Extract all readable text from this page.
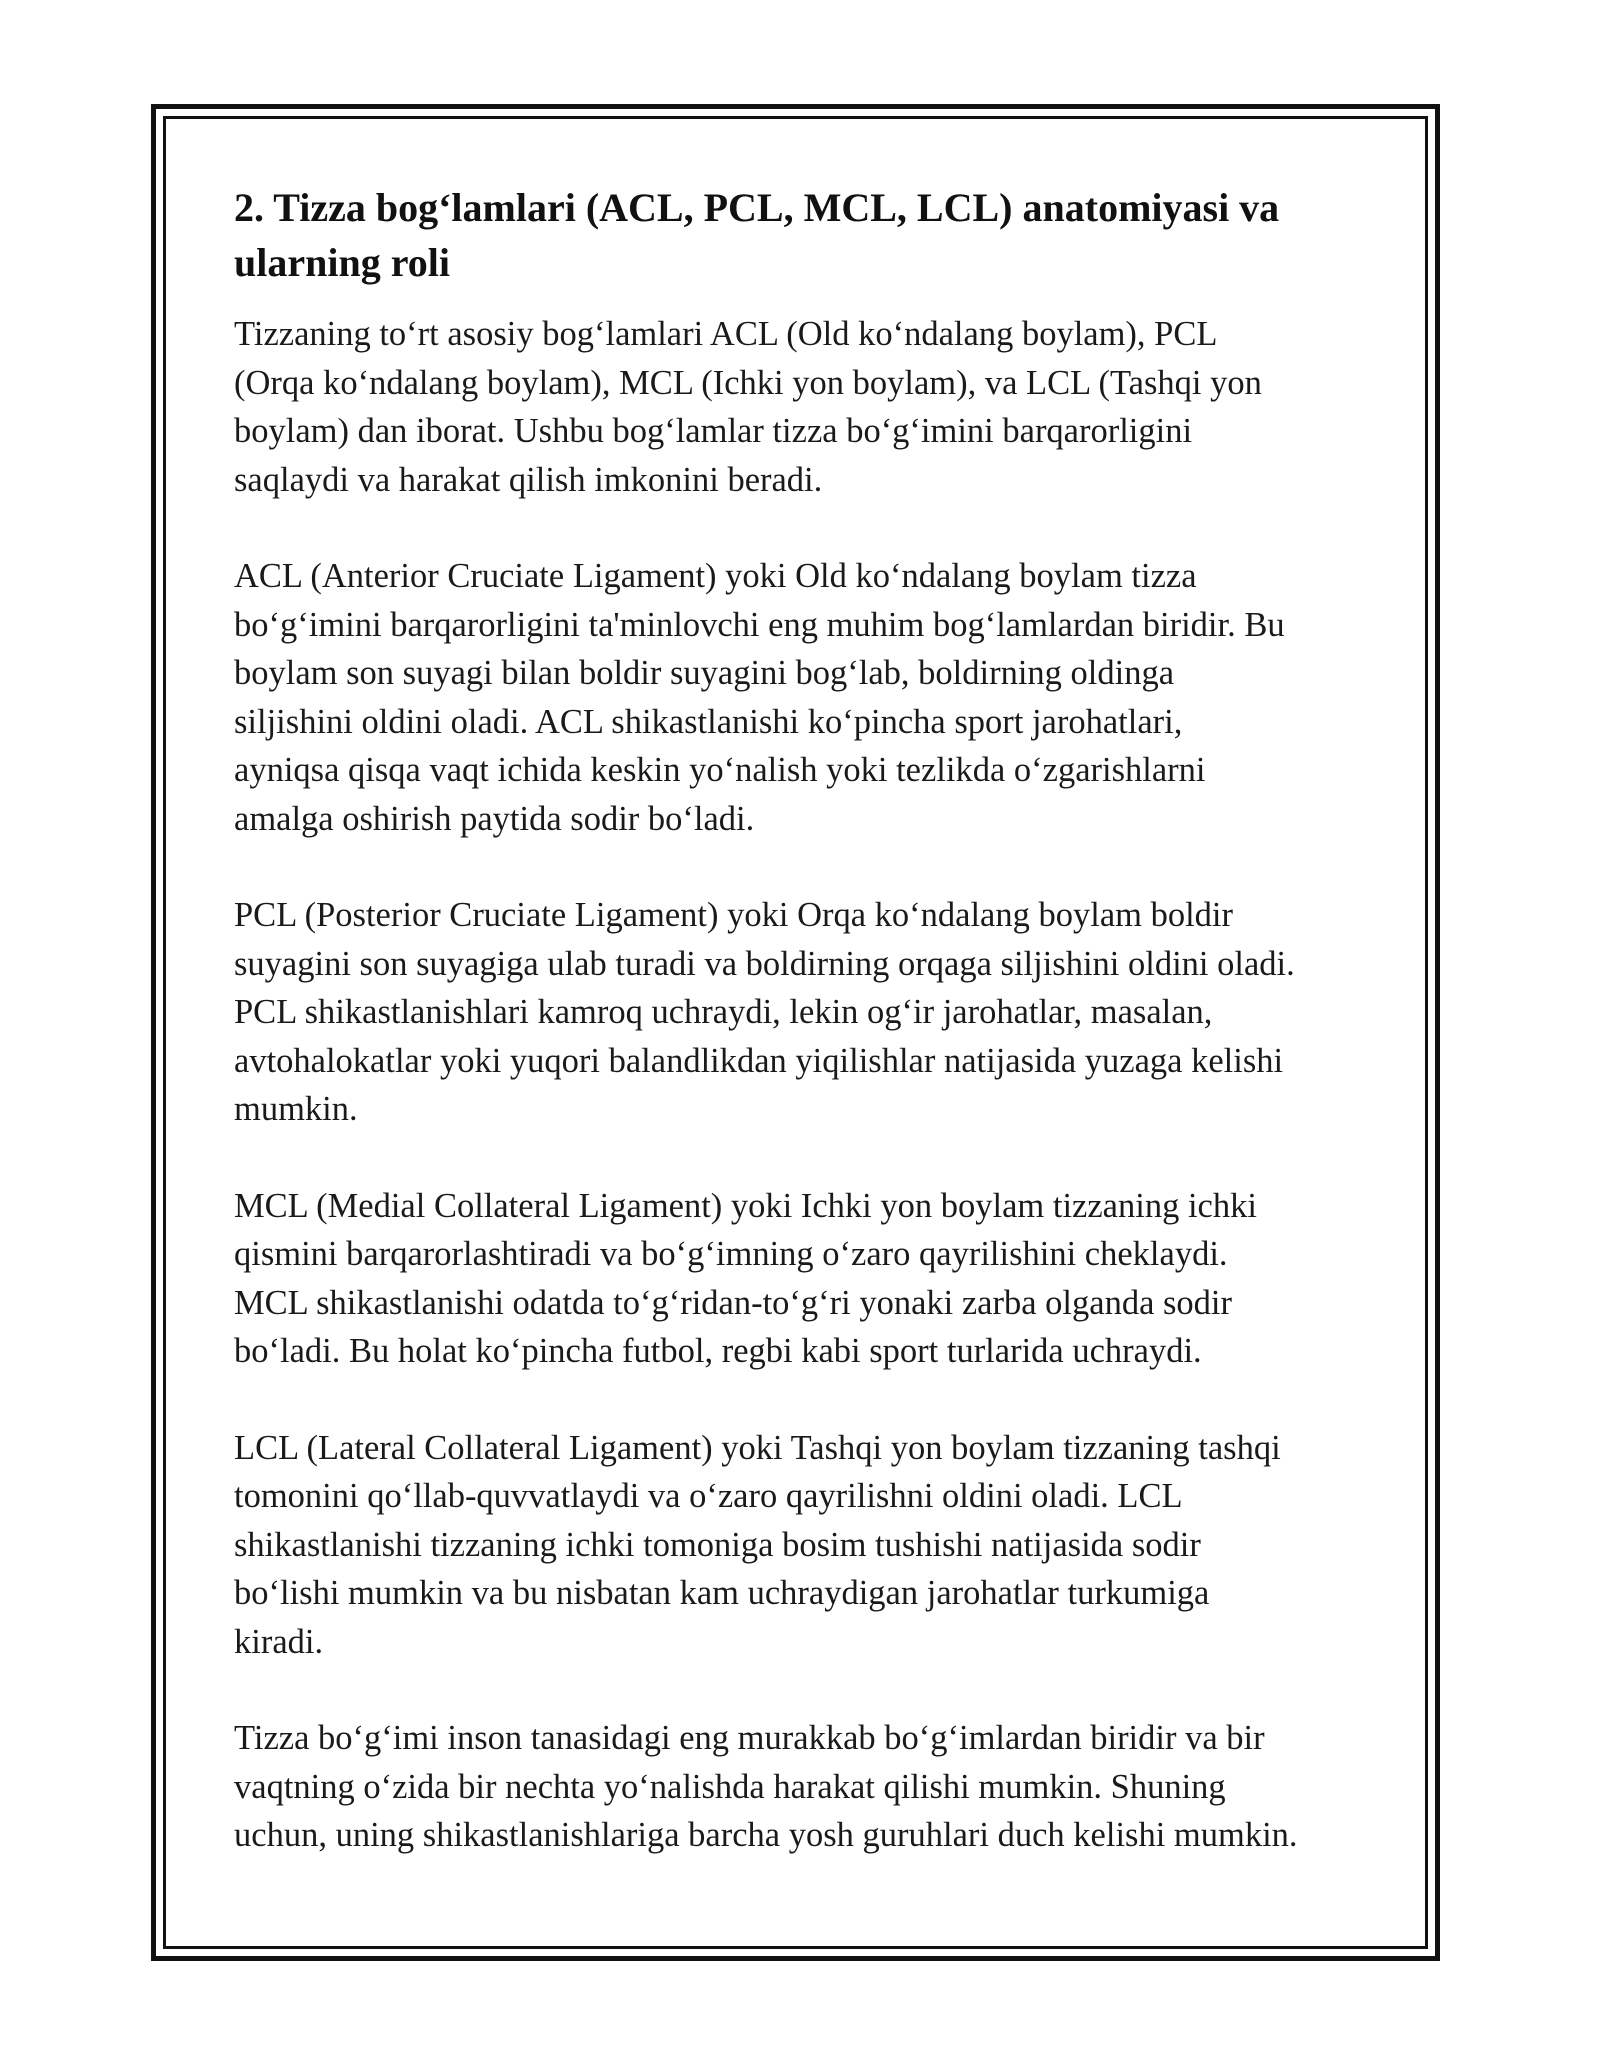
2. Tizza bog‘lamlari (ACL, PCL, MCL, LCL) anatomiyasi va
ularning roli

Tizzaning to‘rt asosiy bog‘lamlari ACL (Old ko‘ndalang boylam), PCL
(Orqa ko‘ndalang boylam), MCL (Ichki yon boylam), va LCL (Tashqi yon
boylam) dan iborat. Ushbu bog‘lamlar tizza bo‘g‘imini barqarorligini
saqlaydi va harakat qilish imkonini beradi.

ACL (Anterior Cruciate Ligament) yoki Old ko‘ndalang boylam tizza
bo‘g‘imini barqarorligini ta'minlovchi eng muhim bog‘lamlardan biridir. Bu
boylam son suyagi bilan boldir suyagini bog‘lab, boldirning oldinga
siljishini oldini oladi. ACL shikastlanishi ko‘pincha sport jarohatlari,
ayniqsa qisqa vaqt ichida keskin yo‘nalish yoki tezlikda o‘zgarishlarni
amalga oshirish paytida sodir bo‘ladi.

PCL (Posterior Cruciate Ligament) yoki Orqa ko‘ndalang boylam boldir
suyagini son suyagiga ulab turadi va boldirning orqaga siljishini oldini oladi.
PCL shikastlanishlari kamroq uchraydi, lekin og‘ir jarohatlar, masalan,
avtohalokatlar yoki yuqori balandlikdan yiqilishlar natijasida yuzaga kelishi
mumkin.

MCL (Medial Collateral Ligament) yoki Ichki yon boylam tizzaning ichki
qismini barqarorlashtiradi va bo‘g‘imning o‘zaro qayrilishini cheklaydi.
MCL shikastlanishi odatda to‘g‘ridan-to‘g‘ri yonaki zarba olganda sodir
bo‘ladi. Bu holat ko‘pincha futbol, regbi kabi sport turlarida uchraydi.

LCL (Lateral Collateral Ligament) yoki Tashqi yon boylam tizzaning tashqi
tomonini qo‘llab-quvvatlaydi va o‘zaro qayrilishni oldini oladi. LCL
shikastlanishi tizzaning ichki tomoniga bosim tushishi natijasida sodir
bo‘lishi mumkin va bu nisbatan kam uchraydigan jarohatlar turkumiga
kiradi.

Tizza bo‘g‘imi inson tanasidagi eng murakkab bo‘g‘imlardan biridir va bir
vaqtning o‘zida bir nechta yo‘nalishda harakat qilishi mumkin. Shuning
uchun, uning shikastlanishlariga barcha yosh guruhlari duch kelishi mumkin.
